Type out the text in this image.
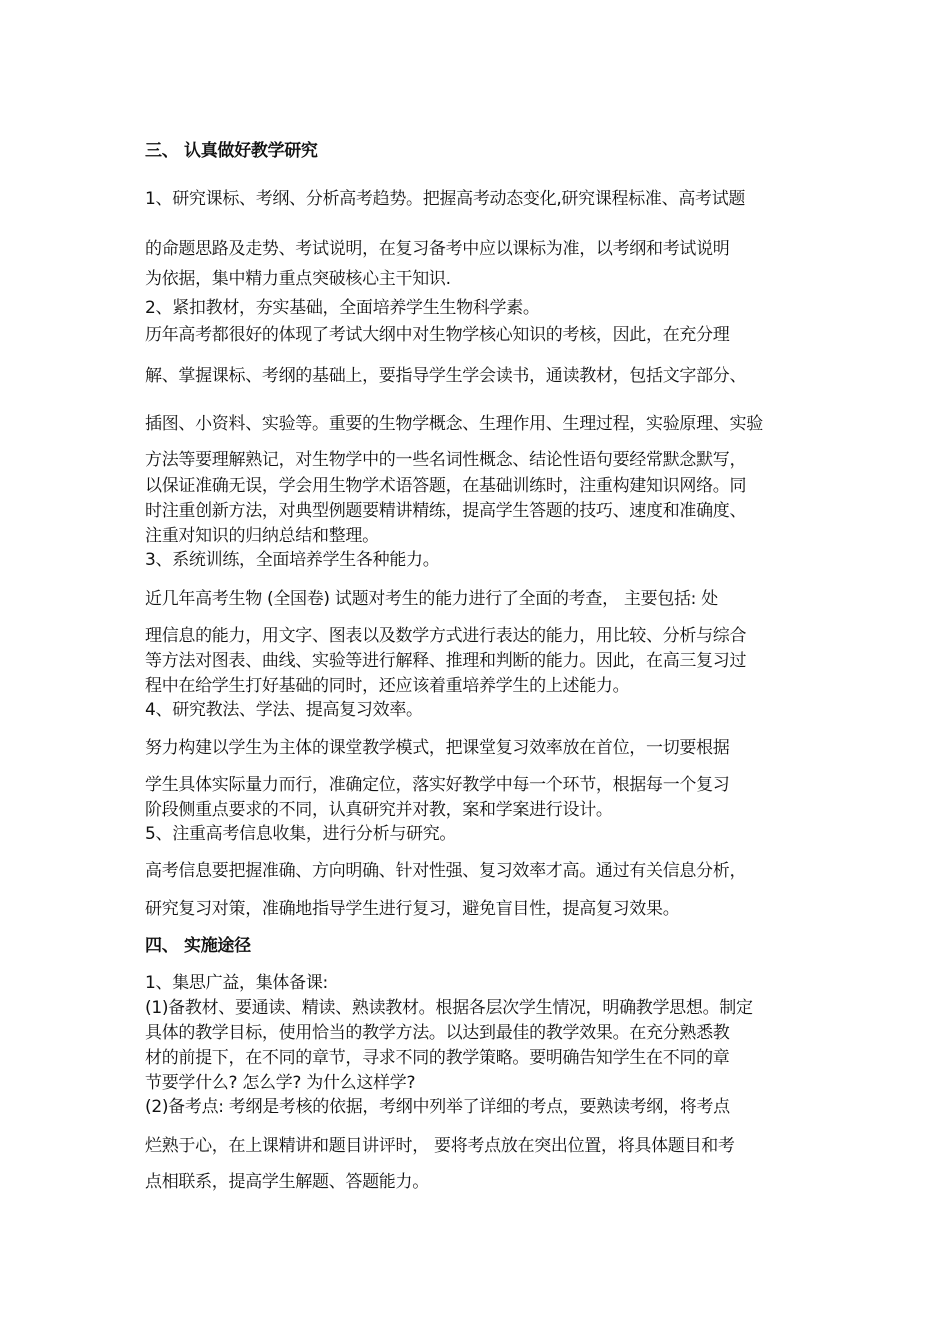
三、 认真做好教学研究
1、研究课标、考纲、分析高考趋势。把握高考动态变化,研究课程标准、高考试题
的命题思路及走势、考试说明，在复习备考中应以课标为准，以考纲和考试说明
为依据，集中精力重点突破核心主干知识.
2、紧扣教材，夯实基础，全面培养学生生物科学素。
历年高考都很好的体现了考试大纲中对生物学核心知识的考核，因此，在充分理
解、掌握课标、考纲的基础上，要指导学生学会读书，通读教材，包括文字部分、
插图、小资料、实验等。重要的生物学概念、生理作用、生理过程，实验原理、实验
方法等要理解熟记，对生物学中的一些名词性概念、结论性语句要经常默念默写，
以保证准确无误，学会用生物学术语答题，在基础训练时，注重构建知识网络。同
时注重创新方法，对典型例题要精讲精练，提高学生答题的技巧、速度和准确度、
注重对知识的归纳总结和整理。
3、系统训练，全面培养学生各种能力。
近几年高考生物 (全国卷) 试题对考生的能力进行了全面的考查， 主要包括: 处
理信息的能力，用文字、图表以及数学方式进行表达的能力，用比较、分析与综合
等方法对图表、曲线、实验等进行解释、推理和判断的能力。因此，在高三复习过
程中在给学生打好基础的同时，还应该着重培养学生的上述能力。
4、研究教法、学法、提高复习效率。
努力构建以学生为主体的课堂教学模式，把课堂复习效率放在首位，一切要根据
学生具体实际量力而行，准确定位，落实好教学中每一个环节，根据每一个复习
阶段侧重点要求的不同，认真研究并对教，案和学案进行设计。
5、注重高考信息收集，进行分析与研究。
高考信息要把握准确、方向明确、针对性强、复习效率才高。通过有关信息分析，
研究复习对策，准确地指导学生进行复习，避免盲目性，提高复习效果。
四、 实施途径
1、集思广益，集体备课:
(1)备教材、要通读、精读、熟读教材。根据各层次学生情况，明确教学思想。制定
具体的教学目标，使用恰当的教学方法。以达到最佳的教学效果。在充分熟悉教
材的前提下，在不同的章节，寻求不同的教学策略。要明确告知学生在不同的章
节要学什么? 怎么学? 为什么这样学?
(2)备考点: 考纲是考核的依据，考纲中列举了详细的考点，要熟读考纲，将考点
烂熟于心，在上课精讲和题目讲评时， 要将考点放在突出位置，将具体题目和考
点相联系，提高学生解题、答题能力。
